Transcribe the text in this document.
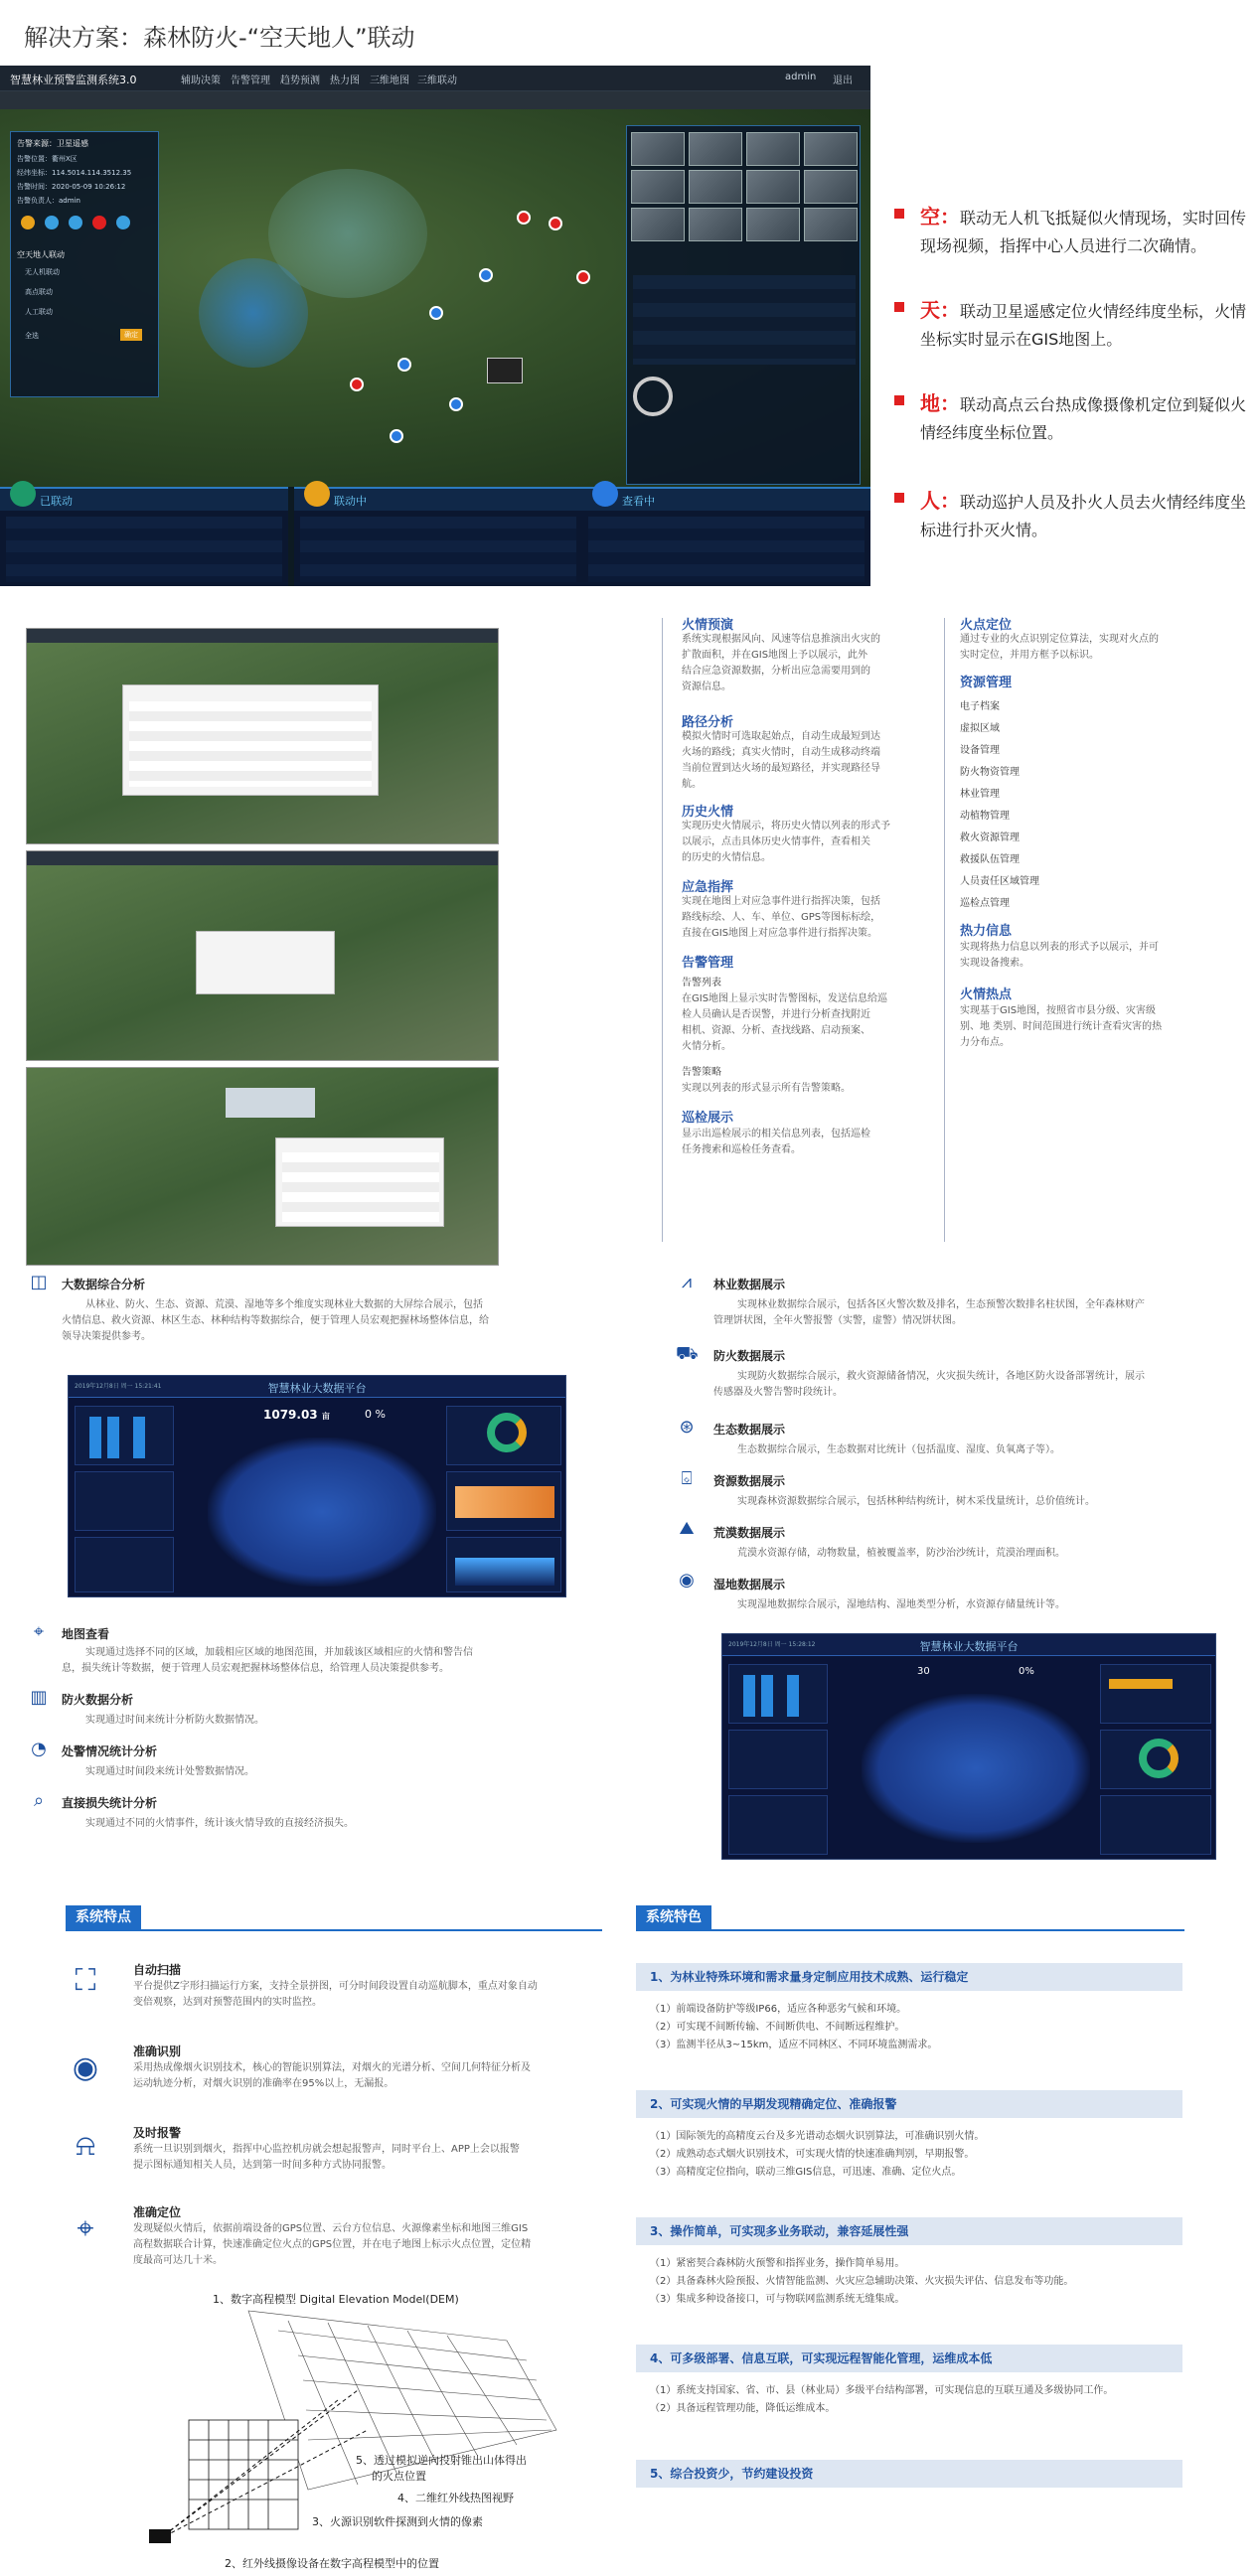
解决方案：森林防火-“空天地人”联动
智慧林业预警监测系统3.0	辅助决策 告警管理 趋势预测 热力图 三维地图 三维联动	admin 退出
告警来源：卫星遥感
告警位置：衢州X区
经纬坐标：114.5014.114.3512.35
告警时间：2020-05-09 10:26:12
告警负责人：admin
空天地人联动
无人机联动
高点联动
人工联动
全选	确定
已联动	联动中	查看中
空：联动无人机飞抵疑似火情现场，实时回传现场视频，指挥中心人员进行二次确情。
天：联动卫星遥感定位火情经纬度坐标，火情坐标实时显示在GIS地图上。
地：联动高点云台热成像摄像机定位到疑似火情经纬度坐标位置。
人：联动巡护人员及扑火人员去火情经纬度坐标进行扑灭火情。
火情预演
系统实现根据风向、风速等信息推演出火灾的
扩散面积，并在GIS地图上予以展示，此外
结合应急资源数据，分析出应急需要用到的
资源信息。
路径分析
模拟火情时可选取起始点，自动生成最短到达
火场的路线；真实火情时，自动生成移动终端
当前位置到达火场的最短路径，并实现路径导
航。
历史火情
实现历史火情展示，将历史火情以列表的形式予
以展示，点击具体历史火情事件，查看相关
的历史的火情信息。
应急指挥
实现在地图上对应急事件进行指挥决策，包括
路线标绘、人、车、单位、GPS等图标标绘，
直接在GIS地图上对应急事件进行指挥决策。
告警管理
告警列表
在GIS地图上显示实时告警图标，发送信息给巡
检人员确认是否误警，并进行分析查找附近
相机、资源、分析、查找线路、启动预案、
火情分析。
告警策略
实现以列表的形式显示所有告警策略。
巡检展示
显示出巡检展示的相关信息列表，包括巡检
任务搜索和巡检任务查看。
火点定位
通过专业的火点识别定位算法，实现对火点的
实时定位，并用方框予以标识。
资源管理
电子档案
虚拟区域
设备管理
防火物资管理
林业管理
动植物管理
救火资源管理
救援队伍管理
人员责任区域管理
巡检点管理
热力信息
实现将热力信息以列表的形式予以展示，并可
实现设备搜索。
火情热点
实现基于GIS地图，按照省市县分级、灾害级
别、地 类别、时间范围进行统计查看灾害的热
力分布点。
◫ 大数据综合分析
从林业、防火、生态、资源、荒漠、湿地等多个维度实现林业大数据的大屏综合展示，包括
火情信息、救火资源、林区生态、林种结构等数据综合，便于管理人员宏观把握林场整体信息，给
领导决策提供参考。
智慧林业大数据平台
2019年12月8日 周一 15:21:41
1079.03 亩	0 %
⌖	地图查看
实现通过选择不同的区域，加载相应区域的地图范围，并加载该区域相应的火情和警告信
息，损失统计等数据，便于管理人员宏观把握林场整体信息，给管理人员决策提供参考。
▥ 防火数据分析
实现通过时间来统计分析防火数据情况。
◔ 处警情况统计分析
实现通过时间段来统计处警数据情况。
⌕	直接损失统计分析
实现通过不同的火情事件，统计该火情导致的直接经济损失。
⩘	林业数据展示
实现林业数据综合展示，包括各区火警次数及排名，生态预警次数排名柱状图，全年森林财产
管理饼状图，全年火警报警（实警，虚警）情况饼状图。
⛟ 防火数据展示
实现防火数据综合展示，救火资源储备情况，火灾损失统计，各地区防火设备部署统计，展示
传感器及火警告警时段统计。
⊛ 生态数据展示
生态数据综合展示，生态数据对比统计（包括温度、湿度、负氧离子等）。
⌺	资源数据展示
实现森林资源数据综合展示，包括林种结构统计，树木采伐量统计，总价值统计。
⛰ 荒漠数据展示
荒漠水资源存储，动物数量，植被覆盖率，防沙治沙统计，荒漠治理面积。
◉ 湿地数据展示
实现湿地数据综合展示，湿地结构、湿地类型分析，水资源存储量统计等。
智慧林业大数据平台
2019年12月8日 周一 15:28:12
30	0%
系统特点
⛶	自动扫描
平台提供Z字形扫描运行方案，支持全景拼图，可分时间段设置自动巡航脚本，重点对象自动
变倍观察，达到对预警范围内的实时监控。
◉	准确识别
采用热成像烟火识别技术，核心的智能识别算法，对烟火的光谱分析、空间几何特征分析及
运动轨迹分析，对烟火识别的准确率在95%以上，无漏报。
⍾	及时报警
系统一旦识别到烟火，指挥中心监控机房就会想起报警声，同时平台上、APP上会以报警
提示图标通知相关人员，达到第一时间多种方式协同报警。
⌖	准确定位
发现疑似火情后，依据前端设备的GPS位置、云台方位信息、火源像素坐标和地图三维GIS
高程数据联合计算，快速准确定位火点的GPS位置，并在电子地图上标示火点位置，定位精
度最高可达几十米。
1、数字高程模型 Digital Elevation Model(DEM)
5、透过模拟逆向投射锥出山体得出
的火点位置
4、二维红外线热图视野
3、火源识别软件探测到火情的像素
2、红外线摄像设备在数字高程模型中的位置
系统特色
1、为林业特殊环境和需求量身定制应用技术成熟、运行稳定
（1）前端设备防护等级IP66，适应各种恶劣气候和环境。
（2）可实现不间断传输、不间断供电、不间断远程维护。
（3）监测半径从3~15km，适应不同林区、不同环境监测需求。
2、可实现火情的早期发现精确定位、准确报警
（1）国际领先的高精度云台及多光谱动态烟火识别算法，可准确识别火情。
（2）成熟动态式烟火识别技术，可实现火情的快速准确判别，早期报警。
（3）高精度定位指向，联动三维GIS信息，可迅速、准确、定位火点。
3、操作简单，可实现多业务联动，兼容延展性强
（1）紧密契合森林防火预警和指挥业务，操作简单易用。
（2）具备森林火险预报、火情智能监测、火灾应急辅助决策、火灾损失评估、信息发布等功能。
（3）集成多种设备接口，可与物联网监测系统无缝集成。
4、可多级部署、信息互联，可实现远程智能化管理，运维成本低
（1）系统支持国家、省、市、县（林业局）多级平台结构部署，可实现信息的互联互通及多级协同工作。
（2）具备远程管理功能，降低运维成本。
5、综合投资少，节约建设投资
